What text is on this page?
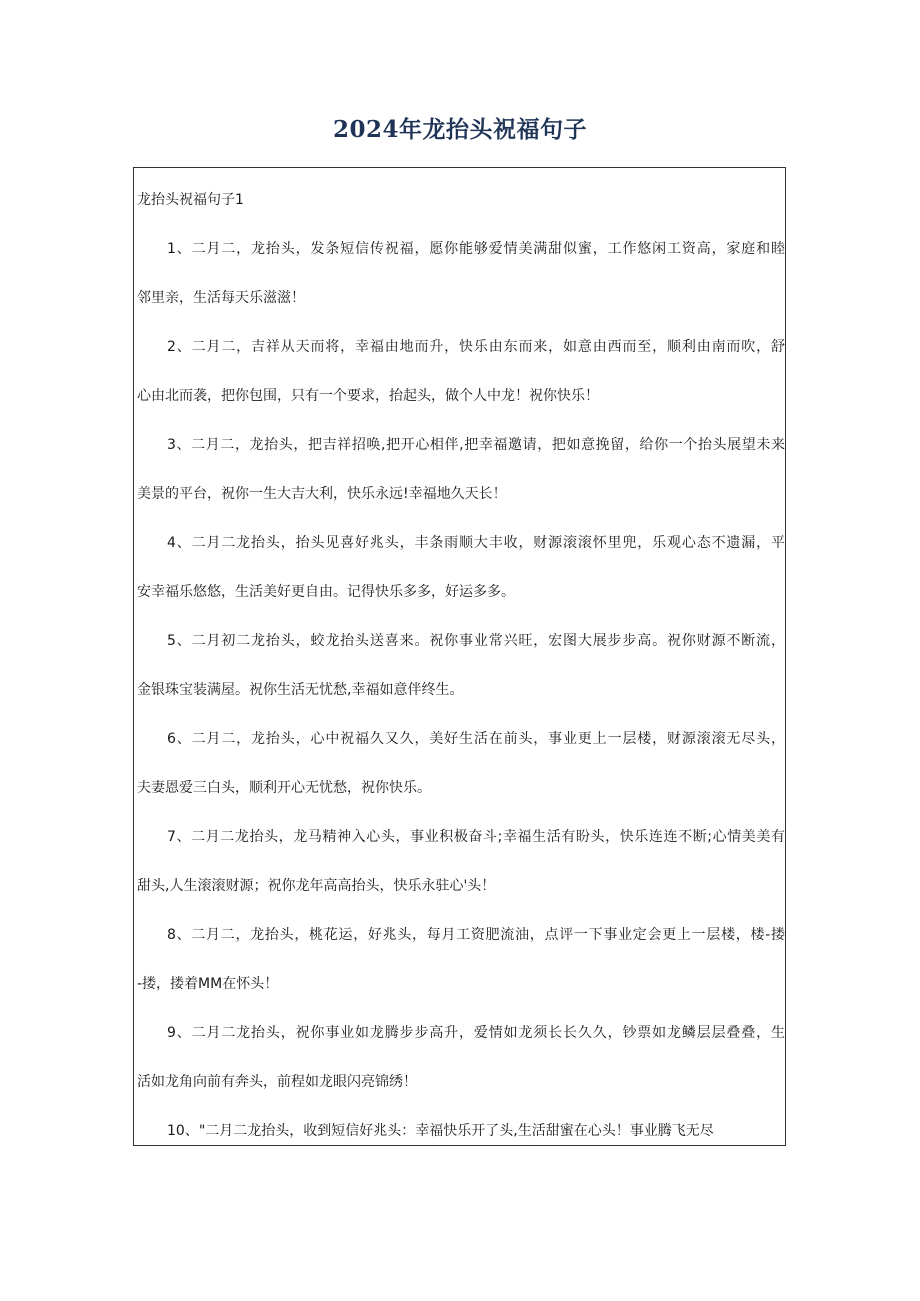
2024年龙抬头祝福句子
龙抬头祝福句子1
1、二月二，龙抬头，发条短信传祝福，愿你能够爱情美满甜似蜜，工作悠闲工资高，家庭和睦
邻里亲，生活每天乐滋滋！
2、二月二，吉祥从天而将，幸福由地而升，快乐由东而来，如意由西而至，顺利由南而吹，舒
心由北而袭，把你包围，只有一个要求，抬起头，做个人中龙！祝你快乐！
3、二月二，龙抬头，把吉祥招唤,把开心相伴,把幸福邀请，把如意挽留，给你一个抬头展望未来
美景的平台，祝你一生大吉大利，快乐永远!幸福地久天长！
4、二月二龙抬头，抬头见喜好兆头，丰条雨顺大丰收，财源滚滚怀里兜，乐观心态不遗漏，平
安幸福乐悠悠，生活美好更自由。记得快乐多多，好运多多。
5、二月初二龙抬头，蛟龙抬头送喜来。祝你事业常兴旺，宏图大展步步高。祝你财源不断流，
金银珠宝装满屋。祝你生活无忧愁,幸福如意伴终生。
6、二月二，龙抬头，心中祝福久又久，美好生活在前头，事业更上一层楼，财源滚滚无尽头，
夫妻恩爱三白头，顺利开心无忧愁，祝你快乐。
7、二月二龙抬头，龙马精神入心头，事业积极奋斗;幸福生活有盼头，快乐连连不断;心情美美有
甜头,人生滚滚财源；祝你龙年高高抬头，快乐永驻心'头！
8、二月二，龙抬头，桃花运，好兆头，每月工资肥流油，点评一下事业定会更上一层楼，楼-搂
-搂，搂着MM在怀头！
9、二月二龙抬头，祝你事业如龙腾步步高升，爱情如龙须长长久久，钞票如龙鳞层层叠叠，生
活如龙角向前有奔头，前程如龙眼闪亮锦绣！
10、"二月二龙抬头，收到短信好兆头：幸福快乐开了头,生活甜蜜在心头！事业腾飞无尽
